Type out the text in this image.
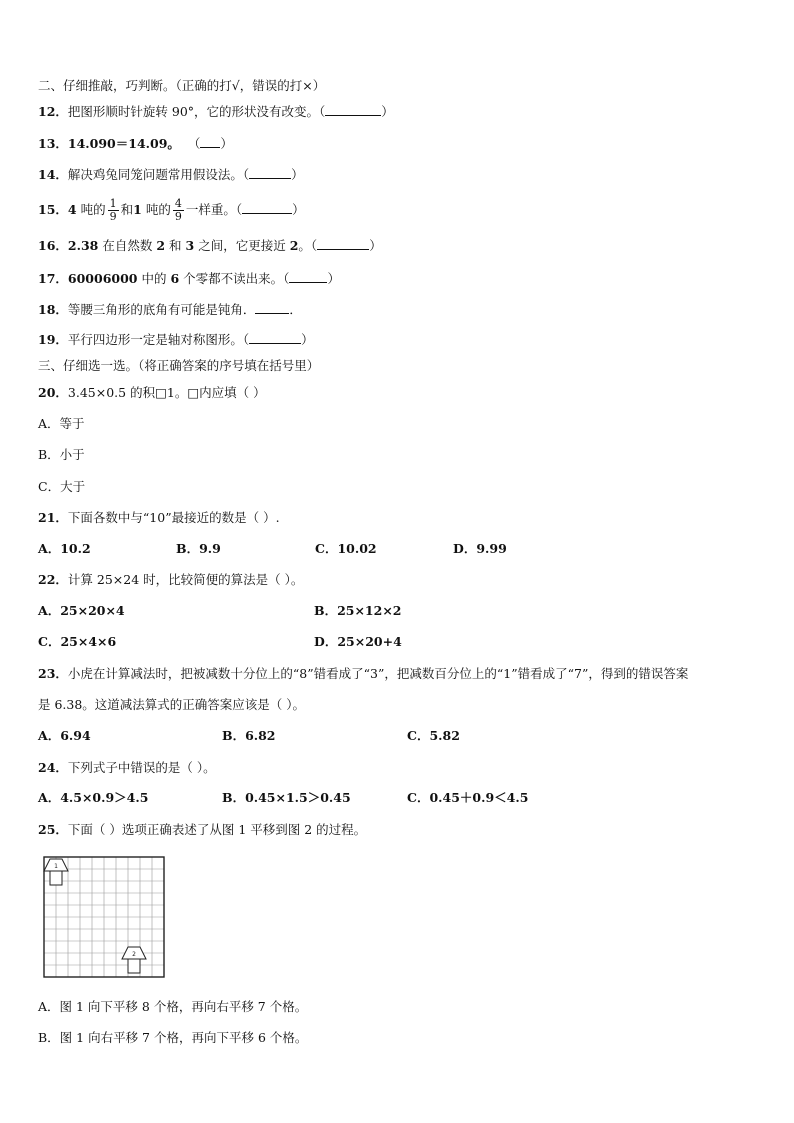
二、仔细推敲，巧判断。（正确的打√，错误的打×）
12．把图形顺时针旋转 90°，它的形状没有改变。（	）
13．14.090＝14.09。 （ ）
14．解决鸡兔同笼问题常用假设法。（	）
15．4 吨的 $\frac{1}{9}$ 和1 吨的 $\frac{4}{9}$ 一样重。（	）
16．2.38 在自然数 2 和 3 之间，它更接近 2。（	）
17．60006000 中的 6 个零都不读出来。（	）
18．等腰三角形的底角有可能是钝角．	．
19．平行四边形一定是轴对称图形。（	）
三、仔细选一选。（将正确答案的序号填在括号里）
20．3.45×0.5 的积□1。□内应填（ ）
A．等于
B．小于
C．大于
21．下面各数中与“10”最接近的数是（ ）.
A．10.2	B．9.9	C．10.02	D．9.99
22．计算 25×24 时，比较简便的算法是（ ）。
A．25×20×4	B．25×12×2
C．25×4×6	D．25×20+4
23．小虎在计算减法时，把被减数十分位上的“8”错看成了“3”，把减数百分位上的“1”错看成了“7”，得到的错误答案
是 6.38。这道减法算式的正确答案应该是（ ）。
A．6.94	B．6.82	C．5.82
24．下列式子中错误的是（ ）。
A．4.5×0.9＞4.5	B．0.45×1.5＞0.45	C．0.45＋0.9＜4.5
25．下面（ ）选项正确表述了从图 1 平移到图 2 的过程。
1
2
A．图 1 向下平移 8 个格，再向右平移 7 个格。
B．图 1 向右平移 7 个格，再向下平移 6 个格。
